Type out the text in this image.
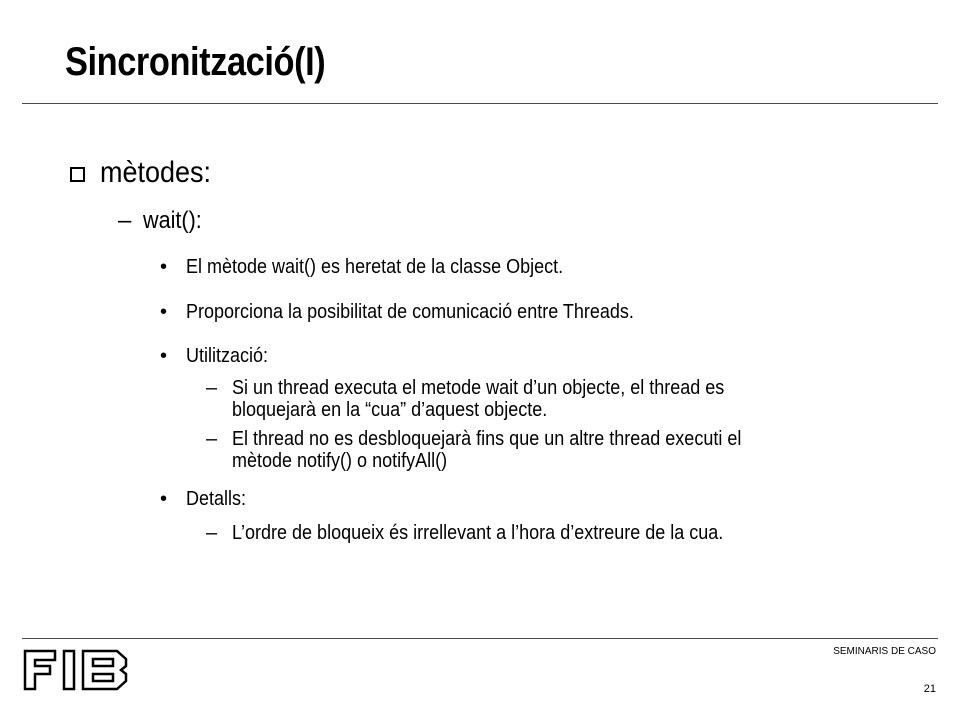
Sincronització(I)
mètodes:
– wait():
• El mètode wait() es heretat de la classe Object.
• Proporciona la posibilitat de comunicació entre Threads.
• Utilització:
– Si un thread executa el metode wait d’un objecte, el thread es
bloquejarà en la “cua” d’aquest objecte.
– El thread no es desbloquejarà fins que un altre thread executi el
mètode notify() o notifyAll()
• Detalls:
– L’ordre de bloqueix és irrellevant a l’hora d’extreure de la cua.
SEMINARIS DE CASO
21
